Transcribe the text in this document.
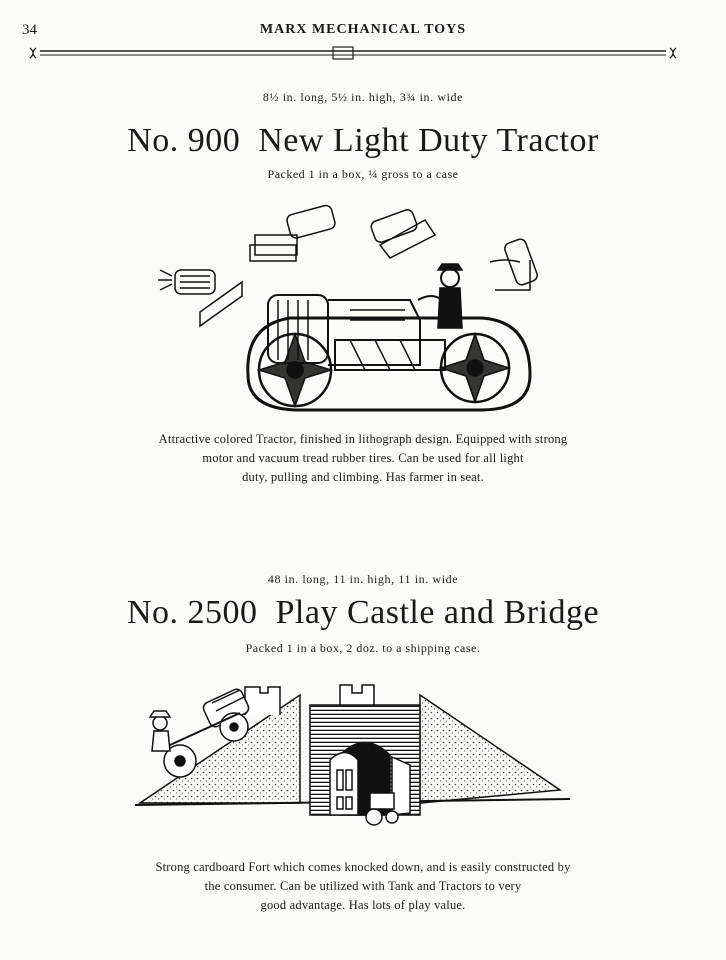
34	MARX MECHANICAL TOYS
8½ in. long, 5½ in. high, 3¾ in. wide
No. 900  New Light Duty Tractor
Packed 1 in a box, ¼ gross to a case
Attractive colored Tractor, finished in lithograph design. Equipped with strong
motor and vacuum tread rubber tires. Can be used for all light
duty, pulling and climbing. Has farmer in seat.
48 in. long, 11 in. high, 11 in. wide
No. 2500  Play Castle and Bridge
Packed 1 in a box, 2 doz. to a shipping case.
Strong cardboard Fort which comes knocked down, and is easily constructed by
the consumer. Can be utilized with Tank and Tractors to very
good advantage. Has lots of play value.
